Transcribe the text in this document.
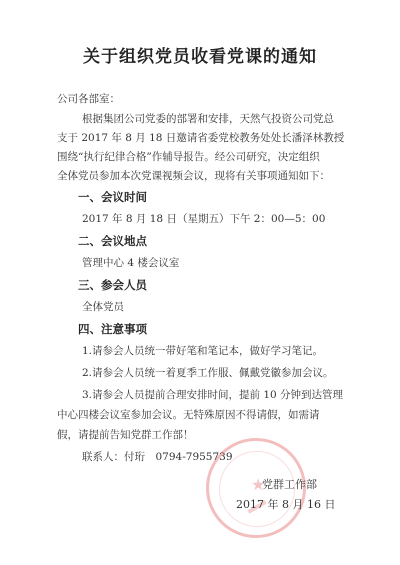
关于组织党员收看党课的通知
公司各部室：
根据集团公司党委的部署和安排，天然气投资公司党总
支于 2017 年 8 月 18 日邀请省委党校教务处处长潘泽林教授
围绕“执行纪律合格”作辅导报告。经公司研究，决定组织
全体党员参加本次党课视频会议，现将有关事项通知如下：
一、会议时间
2017 年 8 月 18 日（星期五）下午 2：00—5：00
二、会议地点
管理中心 4 楼会议室
三、参会人员
全体党员
四、注意事项
1.请参会人员统一带好笔和笔记本，做好学习笔记。
2.请参会人员统一着夏季工作服、佩戴党徽参加会议。
3.请参会人员提前合理安排时间，提前 10 分钟到达管理
中心四楼会议室参加会议。无特殊原因不得请假，如需请
假，请提前告知党群工作部！
联系人：付珩　0794-7955739
★
党群工作部
2017 年 8 月 16 日
